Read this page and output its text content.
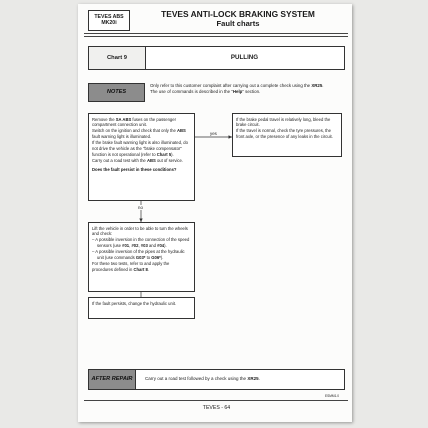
TEVES ABS
MK20i
TEVES ANTI-LOCK BRAKING SYSTEM
Fault charts
Chart 9	PULLING
NOTES
Only refer to this customer complaint after carrying out a complete check using the XR25.
The use of commands is described in the "Help" section.

Remove the SA ABS fuses on the passenger compartment connection unit.

Switch on the ignition and check that only the ABS fault warning light is illuminated.

If the brake fault warning light is also illuminated, do not drive the vehicle as the "brake compensator" function is not operational (refer to Chart 5).

Carry out a road test with the ABS out of service.

Does the fault persist in these conditions?

yes
no

If the brake pedal travel is relatively long, bleed the brake circuit.

If the travel is normal, check the tyre pressures, the front axle, or the presence of any leaks in the circuit.

Lift the vehicle in order to be able to turn the wheels and check:

– A possible inversion in the connection of the speed sensors (use #01, #02, #03 and #04).

– A possible inversion of the pipes at the hydraulic unit (use commands G03* to G06*).

For these two tests, refer to and apply the procedures defined in Chart 8.

If the fault persists, change the hydraulic unit.

AFTER REPAIR	Carry out a road test followed by a check using the XR25.
ESMM1.0
TEVES - 64
